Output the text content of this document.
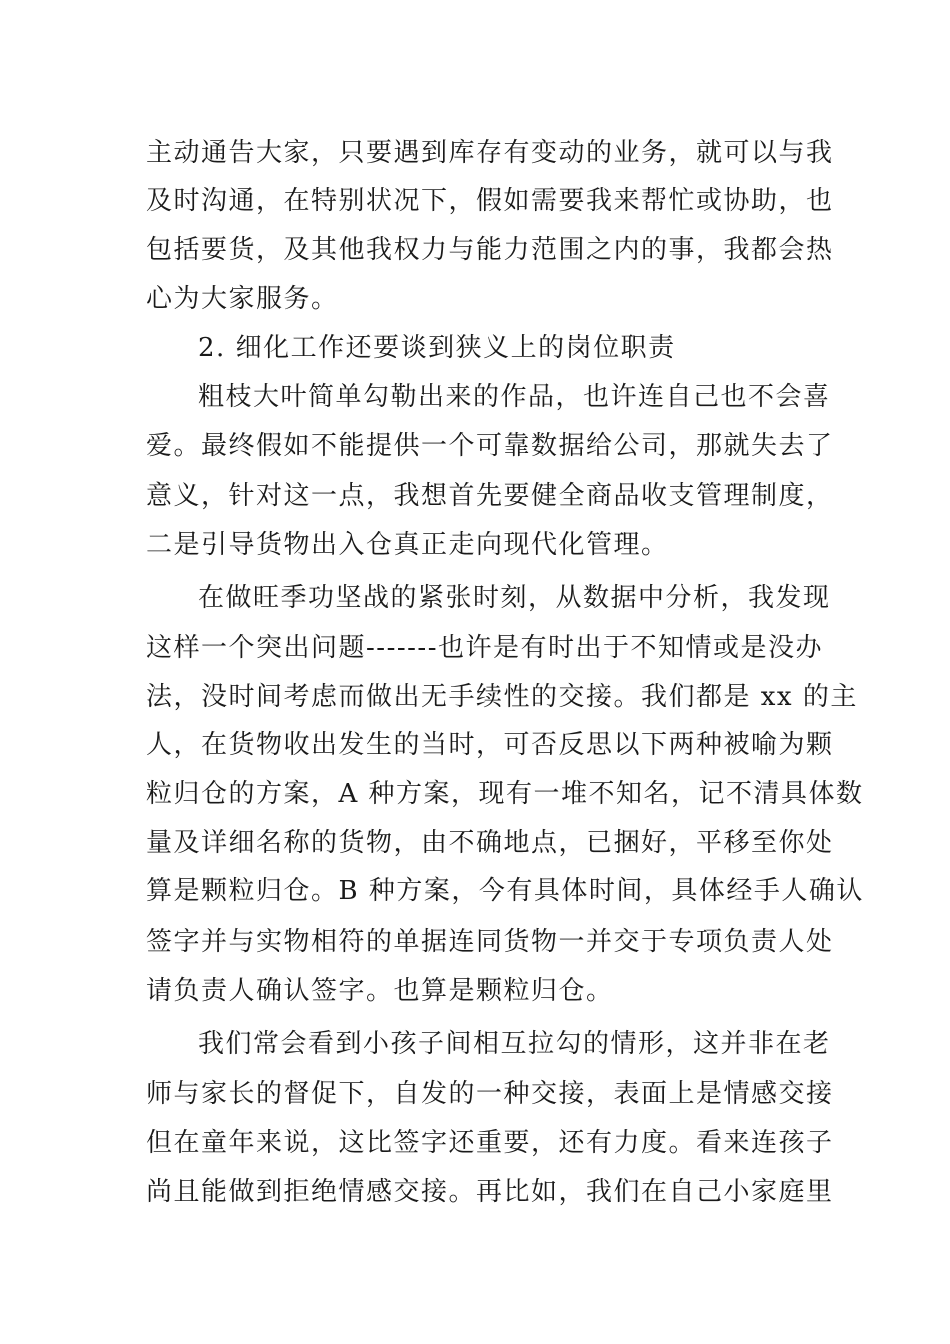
主动通告大家，只要遇到库存有变动的业务，就可以与我
及时沟通，在特别状况下，假如需要我来帮忙或协助，也
包括要货，及其他我权力与能力范围之内的事，我都会热
心为大家服务。
2. 细化工作还要谈到狭义上的岗位职责
粗枝大叶简单勾勒出来的作品，也许连自己也不会喜
爱。最终假如不能提供一个可靠数据给公司，那就失去了
意义，针对这一点，我想首先要健全商品收支管理制度，
二是引导货物出入仓真正走向现代化管理。
在做旺季功坚战的紧张时刻，从数据中分析，我发现
这样一个突出问题-------也许是有时出于不知情或是没办
法，没时间考虑而做出无手续性的交接。我们都是 xx 的主
人，在货物收出发生的当时，可否反思以下两种被喻为颗
粒归仓的方案，A 种方案，现有一堆不知名，记不清具体数
量及详细名称的货物，由不确地点，已捆好，平移至你处
算是颗粒归仓。B 种方案，今有具体时间，具体经手人确认
签字并与实物相符的单据连同货物一并交于专项负责人处
请负责人确认签字。也算是颗粒归仓。
我们常会看到小孩子间相互拉勾的情形，这并非在老
师与家长的督促下，自发的一种交接，表面上是情感交接
但在童年来说，这比签字还重要，还有力度。看来连孩子
尚且能做到拒绝情感交接。再比如，我们在自己小家庭里
